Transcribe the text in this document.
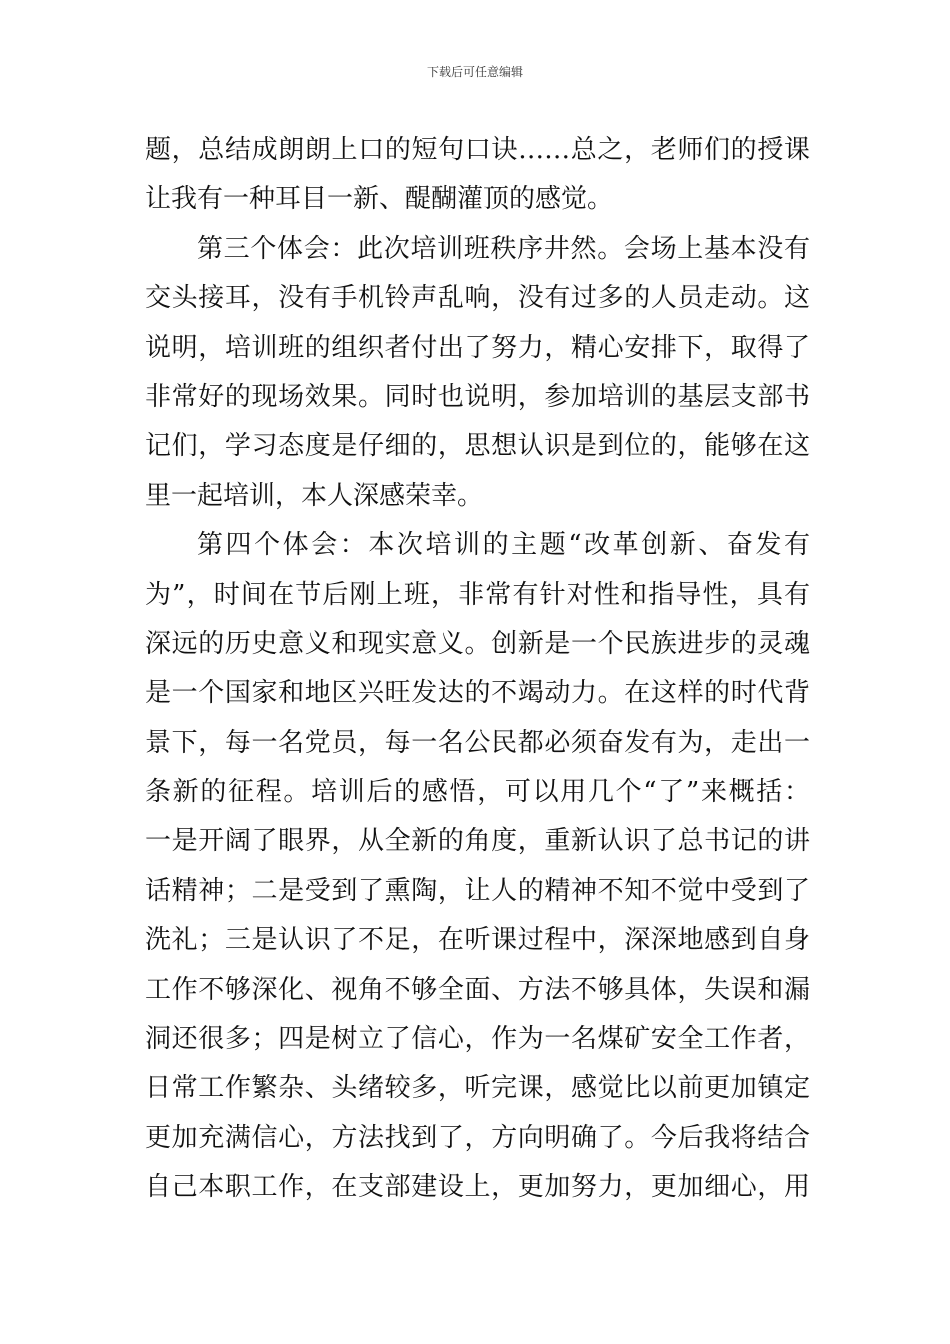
下载后可任意编辑
题，总结成朗朗上口的短句口诀……总之，老师们的授课
让我有一种耳目一新、醍醐灌顶的感觉。
第三个体会：此次培训班秩序井然。会场上基本没有
交头接耳，没有手机铃声乱响，没有过多的人员走动。这
说明，培训班的组织者付出了努力，精心安排下，取得了
非常好的现场效果。同时也说明，参加培训的基层支部书
记们，学习态度是仔细的，思想认识是到位的，能够在这
里一起培训，本人深感荣幸。
第四个体会：本次培训的主题“改革创新、奋发有
为”，时间在节后刚上班，非常有针对性和指导性，具有
深远的历史意义和现实意义。创新是一个民族进步的灵魂
是一个国家和地区兴旺发达的不竭动力。在这样的时代背
景下，每一名党员，每一名公民都必须奋发有为，走出一
条新的征程。培训后的感悟，可以用几个“了”来概括：
一是开阔了眼界，从全新的角度，重新认识了总书记的讲
话精神；二是受到了熏陶，让人的精神不知不觉中受到了
洗礼；三是认识了不足，在听课过程中，深深地感到自身
工作不够深化、视角不够全面、方法不够具体，失误和漏
洞还很多；四是树立了信心，作为一名煤矿安全工作者，
日常工作繁杂、头绪较多，听完课，感觉比以前更加镇定
更加充满信心，方法找到了，方向明确了。今后我将结合
自己本职工作，在支部建设上，更加努力，更加细心，用
